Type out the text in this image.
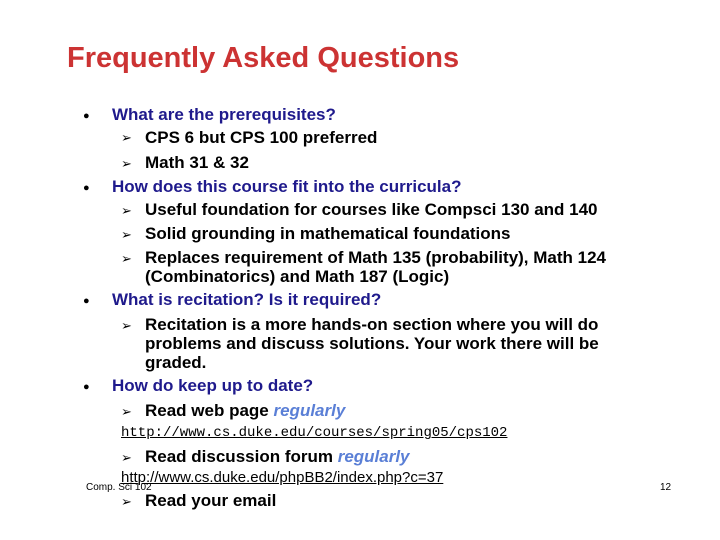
Frequently Asked Questions
● What are the prerequisites?
➢ CPS 6 but CPS 100 preferred
➢ Math 31 & 32
● How does this course fit into the curricula?
➢ Useful foundation for courses like Compsci 130 and 140
➢ Solid grounding in mathematical foundations
➢ Replaces requirement of Math 135 (probability), Math 124
(Combinatorics) and Math 187 (Logic)
● What is recitation? Is it required?
➢ Recitation is a more hands-on section where you will do
problems and discuss solutions. Your work there will be
graded.
● How do keep up to date?
➢ Read web page regularly
http://www.cs.duke.edu/courses/spring05/cps102
➢ Read discussion forum regularly
http://www.cs.duke.edu/phpBB2/index.php?c=37
➢ Read your email
Comp. Sci 102	12
